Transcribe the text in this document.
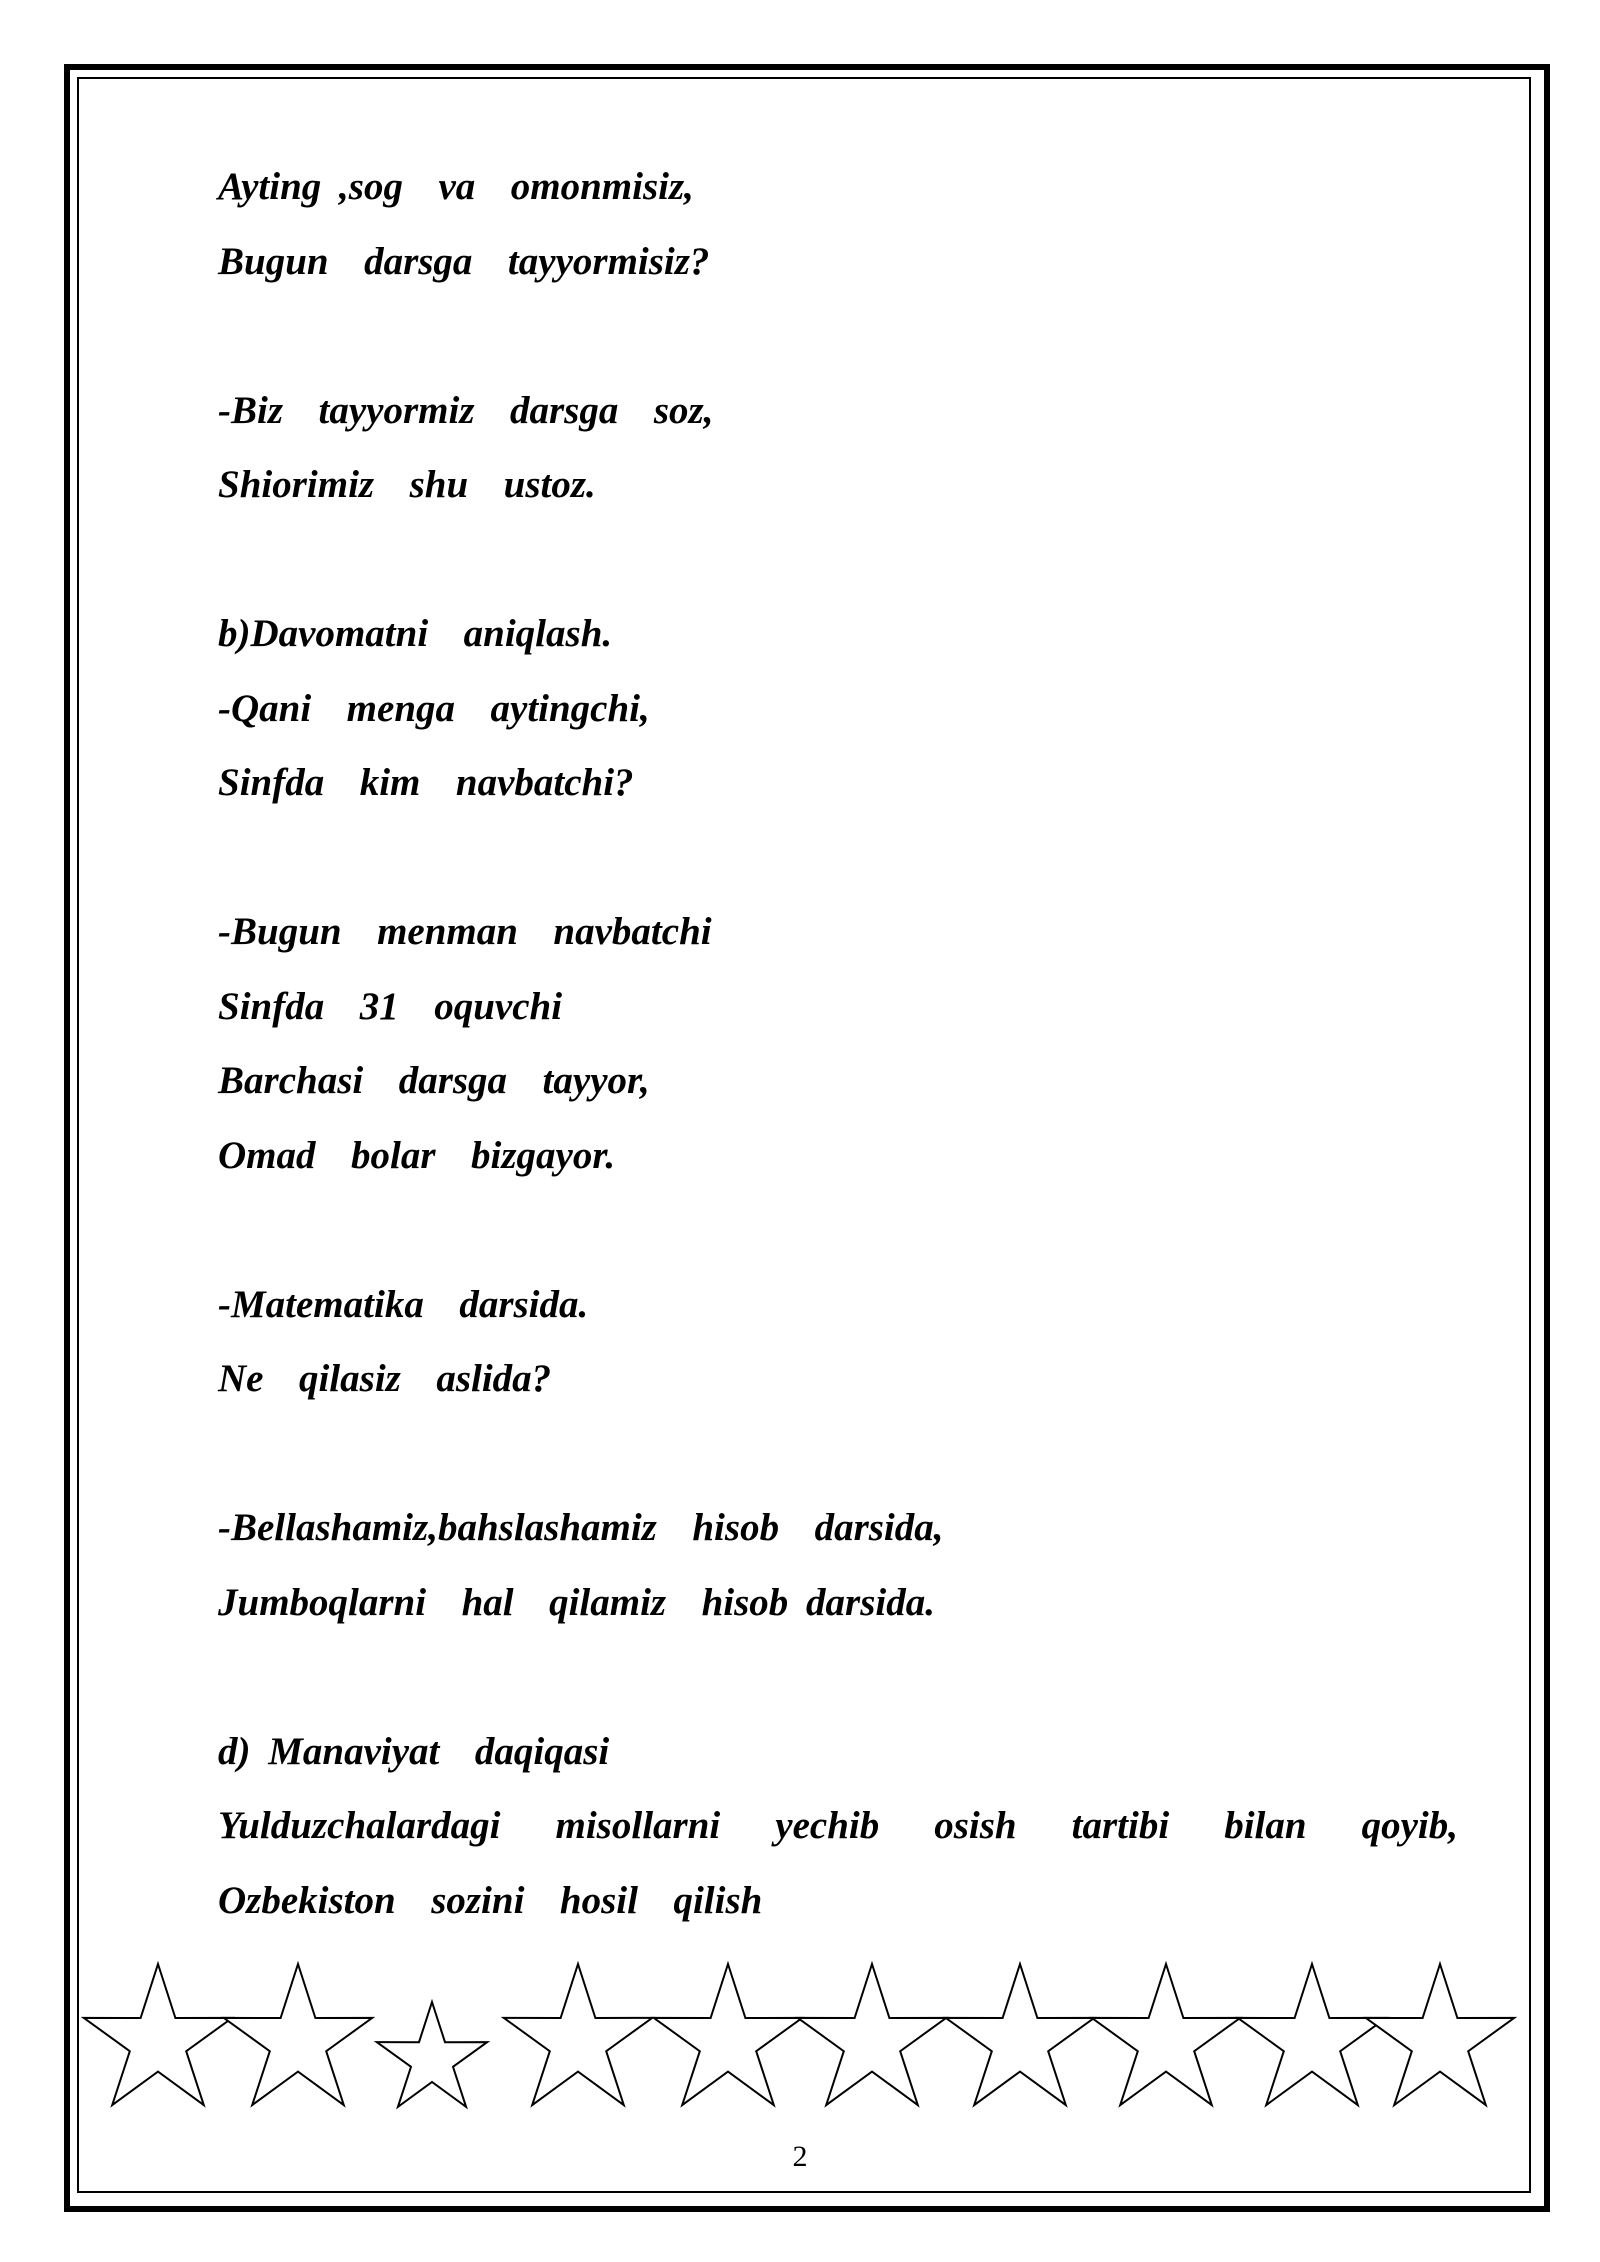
Ayting ,sog  va  omonmisiz,
Bugun  darsga  tayyormisiz?
-Biz  tayyormiz  darsga  soz,
Shiorimiz  shu  ustoz.
b)Davomatni  aniqlash.
-Qani  menga  aytingchi,
Sinfda  kim  navbatchi?
-Bugun  menman  navbatchi
Sinfda  31  oquvchi
Barchasi  darsga  tayyor,
Omad  bolar  bizgayor.
-Matematika  darsida.
Ne  qilasiz  aslida?
-Bellashamiz,bahslashamiz  hisob  darsida,
Jumboqlarni  hal  qilamiz  hisob darsida.
d) Manaviyat  daqiqasi
Yulduzchalardagi misollarni yechib osish tartibi bilan qoyib,
Ozbekiston  sozini  hosil  qilish
2
